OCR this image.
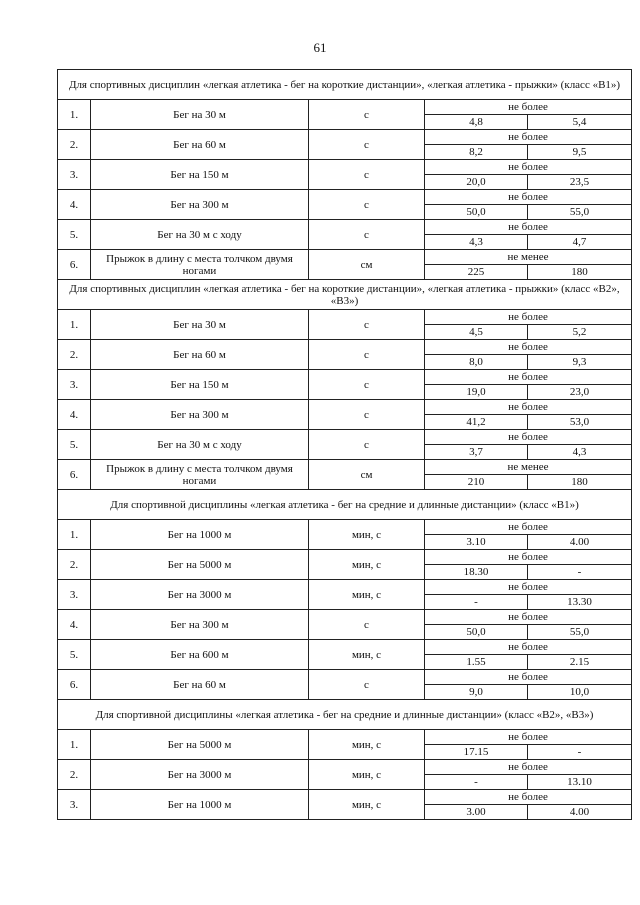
61
Для спортивных дисциплин «легкая атлетика - бег на короткие дистанции», «легкая атлетика - прыжки» (класс «В1»)				
1.	Бег на 30 м	с	не более	
			4,8	5,4
2.	Бег на 60 м	с	не более	
			8,2	9,5
3.	Бег на 150 м	с	не более	
			20,0	23,5
4.	Бег на 300 м	с	не более	
			50,0	55,0
5.	Бег на 30 м с ходу	с	не более	
			4,3	4,7
6.	Прыжок в длину с места толчком двумя ногами	см	не менее	
			225	180
Для спортивных дисциплин «легкая атлетика - бег на короткие дистанции», «легкая атлетика - прыжки» (класс «В2», «В3»)				
1.	Бег на 30 м	с	не более	
			4,5	5,2
2.	Бег на 60 м	с	не более	
			8,0	9,3
3.	Бег на 150 м	с	не более	
			19,0	23,0
4.	Бег на 300 м	с	не более	
			41,2	53,0
5.	Бег на 30 м с ходу	с	не более	
			3,7	4,3
6.	Прыжок в длину с места толчком двумя ногами	см	не менее	
			210	180
Для спортивной дисциплины «легкая атлетика - бег на средние и длинные дистанции» (класс «В1»)				
1.	Бег на 1000 м	мин, с	не более	
			3.10	4.00
2.	Бег на 5000 м	мин, с	не более	
			18.30	-
3.	Бег на 3000 м	мин, с	не более	
			-	13.30
4.	Бег на 300 м	с	не более	
			50,0	55,0
5.	Бег на 600 м	мин, с	не более	
			1.55	2.15
6.	Бег на 60 м	с	не более	
			9,0	10,0
Для спортивной дисциплины «легкая атлетика - бег на средние и длинные дистанции» (класс «В2», «В3»)				
1.	Бег на 5000 м	мин, с	не более	
			17.15	-
2.	Бег на 3000 м	мин, с	не более	
			-	13.10
3.	Бег на 1000 м	мин, с	не более	
			3.00	4.00
